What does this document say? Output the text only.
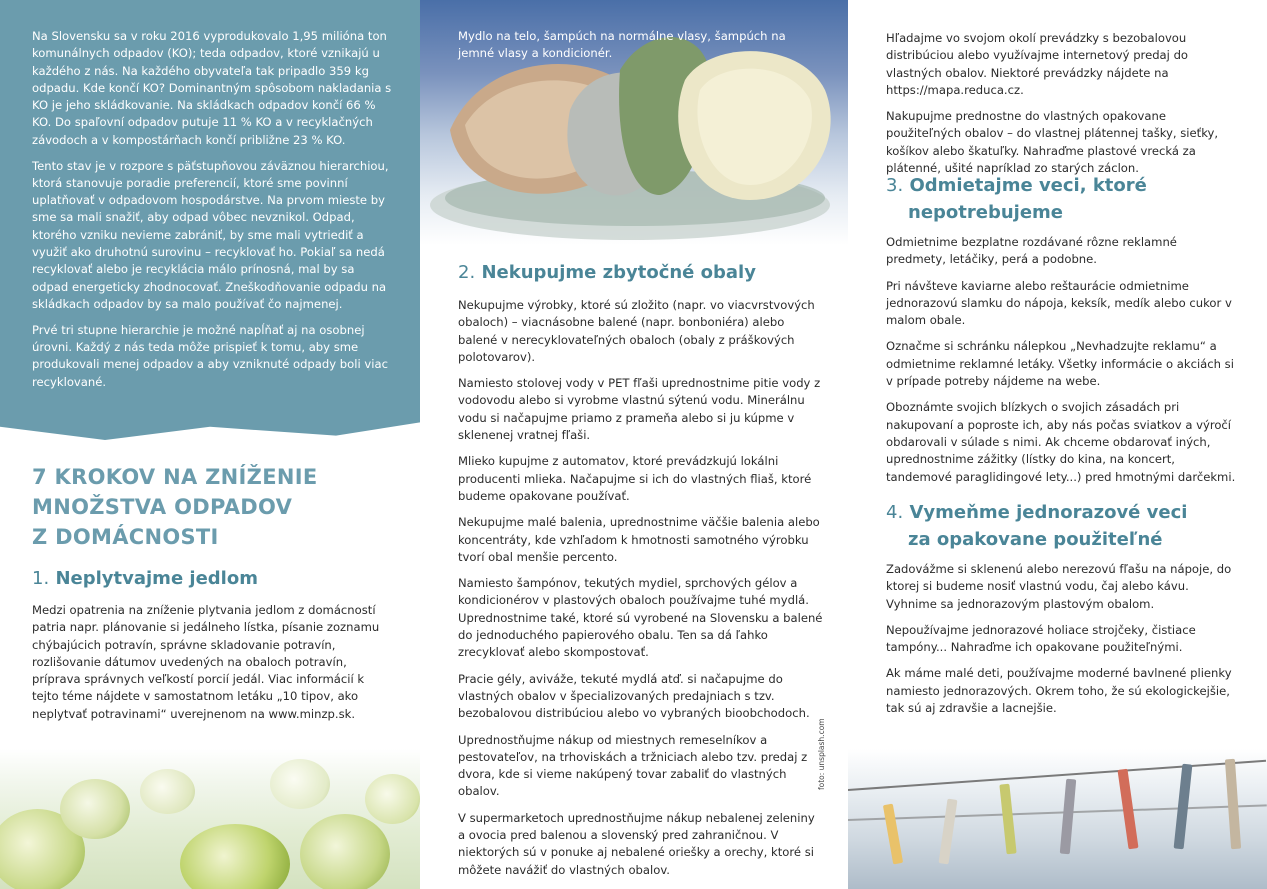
Na Slovensku sa v roku 2016 vyprodukovalo 1,95 milióna ton komunálnych odpadov (KO); teda odpadov, ktoré vznikajú u každého z nás. Na každého obyvateľa tak pripadlo 359 kg odpadu. Kde končí KO? Dominantným spôsobom nakladania s KO je jeho skládkovanie. Na skládkach odpadov končí 66 % KO. Do spaľovní odpadov putuje 11 % KO a v recyklačných závodoch a v kompostárňach končí približne 23 % KO.

Tento stav je v rozpore s päťstupňovou záväznou hierarchiou, ktorá stanovuje poradie preferencií, ktoré sme povinní uplatňovať v odpadovom hospodárstve. Na prvom mieste by sme sa mali snažiť, aby odpad vôbec nevznikol. Odpad, ktorého vzniku nevieme zabrániť, by sme mali vytriediť a využiť ako druhotnú surovinu – recyklovať ho. Pokiaľ sa nedá recyklovať alebo je recyklácia málo prínosná, mal by sa odpad energeticky zhodnocovať. Zneškodňovanie odpadu na skládkach odpadov by sa malo používať čo najmenej.

Prvé tri stupne hierarchie je možné napĺňať aj na osobnej úrovni. Každý z nás teda môže prispieť k tomu, aby sme produkovali menej odpadov a aby vzniknuté odpady boli viac recyklované.

7 KROKOV NA ZNÍŽENIE
MNOŽSTVA ODPADOV
Z DOMÁCNOSTI
1. Neplytvajme jedlom

Medzi opatrenia na zníženie plytvania jedlom z domácností patria napr. plánovanie si jedálneho lístka, písanie zoznamu chýbajúcich potravín, správne skladovanie potravín, rozlišovanie dátumov uvedených na obaloch potravín, príprava správnych veľkostí porcií jedál. Viac informácií k tejto téme nájdete v samostatnom letáku „10 tipov, ako neplytvať potravinami“ uverejnenom na www.minzp.sk.

Mydlo na telo, šampúch na normálne vlasy, šampúch na jemné vlasy a kondicionér.
2. Nekupujme zbytočné obaly

Nekupujme výrobky, ktoré sú zložito (napr. vo viacvrstvových obaloch) – viacnásobne balené (napr. bonboniéra) alebo balené v nerecyklovateľných obaloch (obaly z práškových polotovarov).

Namiesto stolovej vody v PET fľaši uprednostnime pitie vody z vodovodu alebo si vyrobme vlastnú sýtenú vodu. Minerálnu vodu si načapujme priamo z prameňa alebo si ju kúpme v sklenenej vratnej fľaši.

Mlieko kupujme z automatov, ktoré prevádzkujú lokálni producenti mlieka. Načapujme si ich do vlastných fliaš, ktoré budeme opakovane používať.

Nekupujme malé balenia, uprednostnime väčšie balenia alebo koncentráty, kde vzhľadom k hmotnosti samotného výrobku tvorí obal menšie percento.

Namiesto šampónov, tekutých mydiel, sprchových gélov a kondicionérov v plastových obaloch používajme tuhé mydlá. Uprednostnime také, ktoré sú vyrobené na Slovensku a balené do jednoduchého papierového obalu. Ten sa dá ľahko zrecyklovať alebo skompostovať.

Pracie gély, aviváže, tekuté mydlá atď. si načapujme do vlastných obalov v špecializovaných predajniach s tzv. bezobalovou distribúciou alebo vo vybraných bioobchodoch.

Uprednostňujme nákup od miestnych remeselníkov a pestovateľov, na trhoviskách a tržniciach alebo tzv. predaj z dvora, kde si vieme nakúpený tovar zabaliť do vlastných obalov.

V supermarketoch uprednostňujme nákup nebalenej zeleniny a ovocia pred balenou a slovenský pred zahraničnou. V niektorých sú v ponuke aj nebalené oriešky a orechy, ktoré si môžete navážiť do vlastných obalov.

foto: unsplash.com

Hľadajme vo svojom okolí prevádzky s bezobalovou distribúciou alebo využívajme internetový predaj do vlastných obalov. Niektoré prevádzky nájdete na https://mapa.reduca.cz.

Nakupujme prednostne do vlastných opakovane použiteľných obalov – do vlastnej plátennej tašky, sieťky, košíkov alebo škatuľky. Nahraďme plastové vrecká za plátenné, ušité napríklad zo starých záclon.

3. Odmietajme veci, ktoré
nepotrebujeme

Odmietnime bezplatne rozdávané rôzne reklamné predmety, letáčiky, perá a podobne.

Pri návšteve kaviarne alebo reštaurácie odmietnime jednorazovú slamku do nápoja, keksík, medík alebo cukor v malom obale.

Označme si schránku nálepkou „Nevhadzujte reklamu“ a odmietnime reklamné letáky. Všetky informácie o akciách si v prípade potreby nájdeme na webe.

Oboznámte svojich blízkych o svojich zásadách pri nakupovaní a poproste ich, aby nás počas sviatkov a výročí obdarovali v súlade s nimi. Ak chceme obdarovať iných, uprednostnime zážitky (lístky do kina, na koncert, tandemové paraglidingové lety...) pred hmotnými darčekmi.

4. Vymeňme jednorazové veci
za opakovane použiteľné

Zadovážme si sklenenú alebo nerezovú fľašu na nápoje, do ktorej si budeme nosiť vlastnú vodu, čaj alebo kávu. Vyhnime sa jednorazovým plastovým obalom.

Nepoužívajme jednorazové holiace strojčeky, čistiace tampóny... Nahraďme ich opakovane použiteľnými.

Ak máme malé deti, používajme moderné bavlnené plienky namiesto jednorazových. Okrem toho, že sú ekologickejšie, tak sú aj zdravšie a lacnejšie.
